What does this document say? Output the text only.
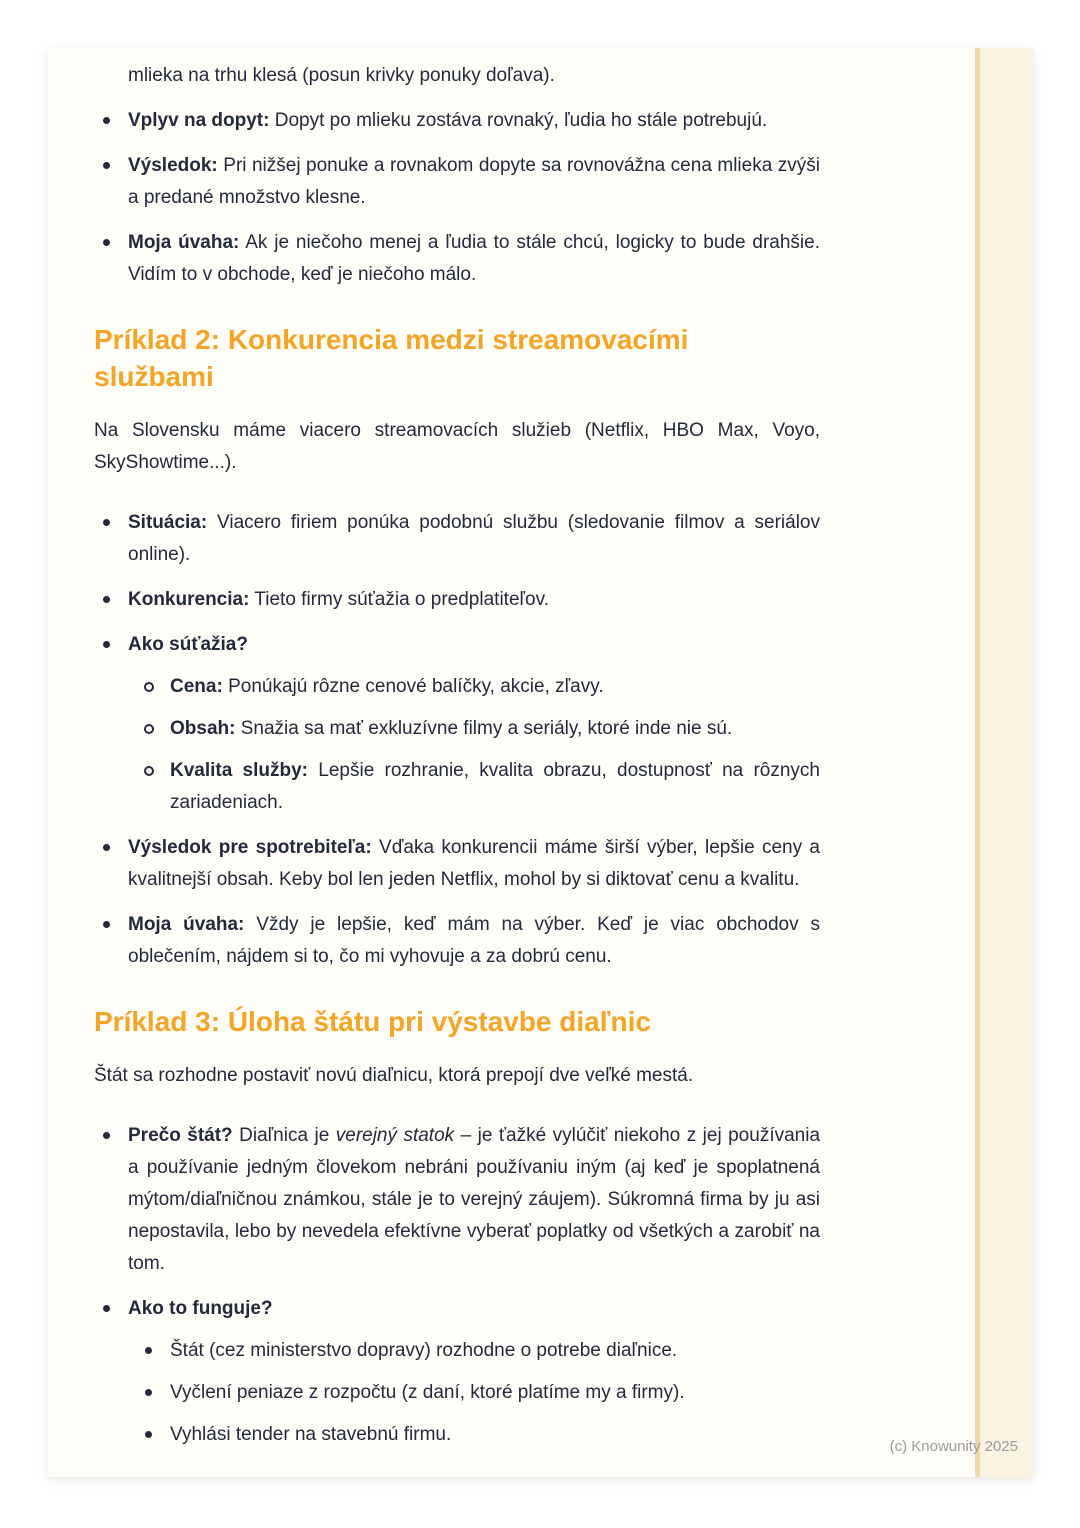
mlieka na trhu klesá (posun krivky ponuky doľava).

Vplyv na dopyt: Dopyt po mlieku zostáva rovnaký, ľudia ho stále potrebujú.
Výsledok: Pri nižšej ponuke a rovnakom dopyte sa rovnovážna cena mlieka zvýši a predané množstvo klesne.
Moja úvaha: Ak je niečoho menej a ľudia to stále chcú, logicky to bude drahšie. Vidím to v obchode, keď je niečoho málo.
Príklad 2: Konkurencia medzi streamovacími službami

Na Slovensku máme viacero streamovacích služieb (Netflix, HBO Max, Voyo, SkyShowtime...).

Situácia: Viacero firiem ponúka podobnú službu (sledovanie filmov a seriálov online).
Konkurencia: Tieto firmy súťažia o predplatiteľov.
Ako súťažia?
Cena: Ponúkajú rôzne cenové balíčky, akcie, zľavy.
Obsah: Snažia sa mať exkluzívne filmy a seriály, ktoré inde nie sú.
Kvalita služby: Lepšie rozhranie, kvalita obrazu, dostupnosť na rôznych zariadeniach.
Výsledok pre spotrebiteľa: Vďaka konkurencii máme širší výber, lepšie ceny a kvalitnejší obsah. Keby bol len jeden Netflix, mohol by si diktovať cenu a kvalitu.
Moja úvaha: Vždy je lepšie, keď mám na výber. Keď je viac obchodov s oblečením, nájdem si to, čo mi vyhovuje a za dobrú cenu.
Príklad 3: Úloha štátu pri výstavbe diaľnic

Štát sa rozhodne postaviť novú diaľnicu, ktorá prepojí dve veľké mestá.

Prečo štát? Diaľnica je verejný statok – je ťažké vylúčiť niekoho z jej používania a používanie jedným človekom nebráni používaniu iným (aj keď je spoplatnená mýtom/diaľničnou známkou, stále je to verejný záujem). Súkromná firma by ju asi nepostavila, lebo by nevedela efektívne vyberať poplatky od všetkých a zarobiť na tom.
Ako to funguje?
Štát (cez ministerstvo dopravy) rozhodne o potrebe diaľnice.
Vyčlení peniaze z rozpočtu (z daní, ktoré platíme my a firmy).
Vyhlási tender na stavebnú firmu.
(c) Knowunity 2025
